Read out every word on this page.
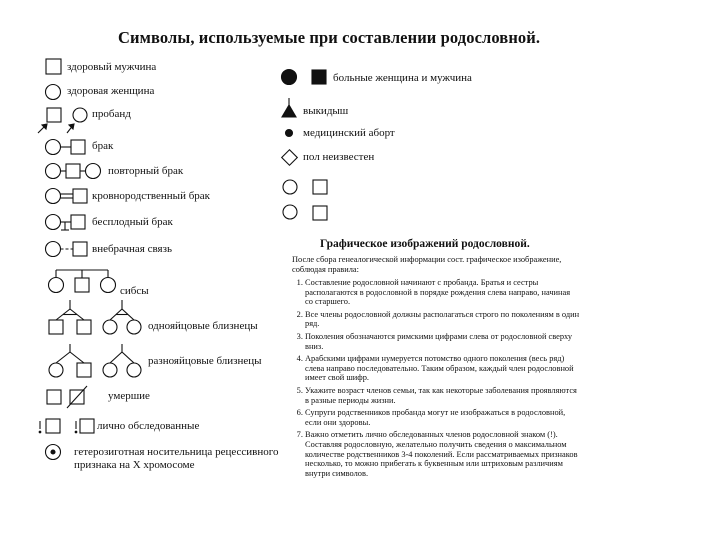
Символы, используемые при составлении родословной.
здоровый мужчина
здоровая женщина
пробанд
брак
повторный брак
кровнородственный брак
бесплодный брак
внебрачная связь
сибсы
однояйцовые близнецы
разнояйцовые близнецы
умершие
лично обследованные
гетерозиготная носительница рецессивного признака на X хромосоме
больные женщина и мужчина
выкидыш
медицинский аборт
пол неизвестен
Графическое изображений родословной.
После сбора генеалогической информации сост. графическое изображение, соблюдая правила:
1. Составление родословной начинают с пробанда. Братья и сестры располагаются в родословной в порядке рождения слева направо, начиная со старшего.
2. Все члены родословной должны располагаться строго по поколениям в один ряд.
3. Поколения обозначаются римскими цифрами слева от родословной сверху вниз.
4. Арабскими цифрами нумеруется потомство одного поколения (весь ряд) слева направо последовательно. Таким образом, каждый член родословной имеет свой шифр.
5. Укажите возраст членов семьи, так как некоторые заболевания проявляются в разные периоды жизни.
6. Супруги родственников пробанда могут не изображаться в родословной, если они здоровы.
7. Важно отметить лично обследованных членов родословной знаком (!). Составляя родословную, желательно получить сведения о максимальном количестве родственников 3-4 поколений. Если рассматриваемых признаков несколько, то можно прибегать к буквенным или штриховым различиям внутри символов.
